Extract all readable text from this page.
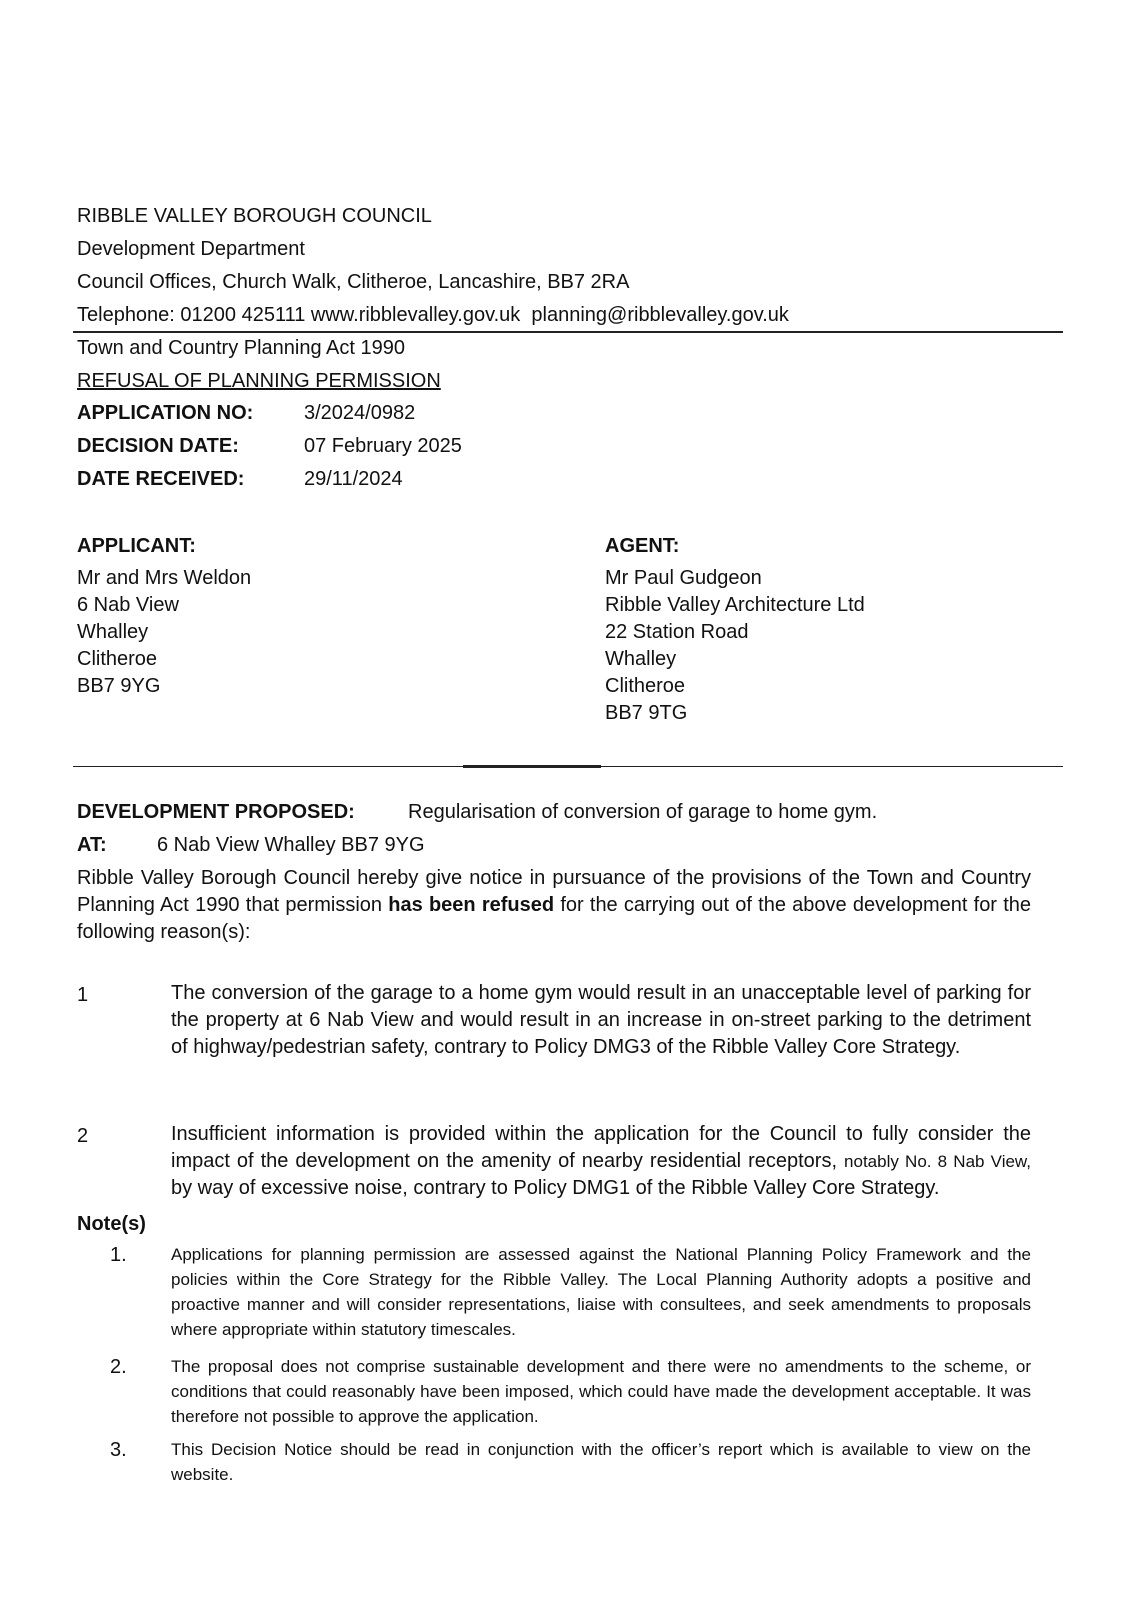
RIBBLE VALLEY BOROUGH COUNCIL
Development Department
Council Offices, Church Walk, Clitheroe, Lancashire, BB7 2RA
Telephone: 01200 425111 www.ribblevalley.gov.uk planning@ribblevalley.gov.uk
Town and Country Planning Act 1990
REFUSAL OF PLANNING PERMISSION
APPLICATION NO:	3/2024/0982
DECISION DATE:	07 February 2025
DATE RECEIVED:	29/11/2024
APPLICANT:
Mr and Mrs Weldon
6 Nab View
Whalley
Clitheroe
BB7 9YG
AGENT:
Mr Paul Gudgeon
Ribble Valley Architecture Ltd
22 Station Road
Whalley
Clitheroe
BB7 9TG
DEVELOPMENT PROPOSED:	Regularisation of conversion of garage to home gym.
AT:	6 Nab View Whalley BB7 9YG
Ribble Valley Borough Council hereby give notice in pursuance of the provisions of the Town and Country Planning Act 1990 that permission has been refused for the carrying out of the above development for the following reason(s):
1	The conversion of the garage to a home gym would result in an unacceptable level of parking for the property at 6 Nab View and would result in an increase in on-street parking to the detriment of highway/pedestrian safety, contrary to Policy DMG3 of the Ribble Valley Core Strategy.
2	Insufficient information is provided within the application for the Council to fully consider the impact of the development on the amenity of nearby residential receptors, notably No. 8 Nab View, by way of excessive noise, contrary to Policy DMG1 of the Ribble Valley Core Strategy.
Note(s)
1.	Applications for planning permission are assessed against the National Planning Policy Framework and the policies within the Core Strategy for the Ribble Valley. The Local Planning Authority adopts a positive and proactive manner and will consider representations, liaise with consultees, and seek amendments to proposals where appropriate within statutory timescales.
2.	The proposal does not comprise sustainable development and there were no amendments to the scheme, or conditions that could reasonably have been imposed, which could have made the development acceptable. It was therefore not possible to approve the application.
3.	This Decision Notice should be read in conjunction with the officer’s report which is available to view on the website.
